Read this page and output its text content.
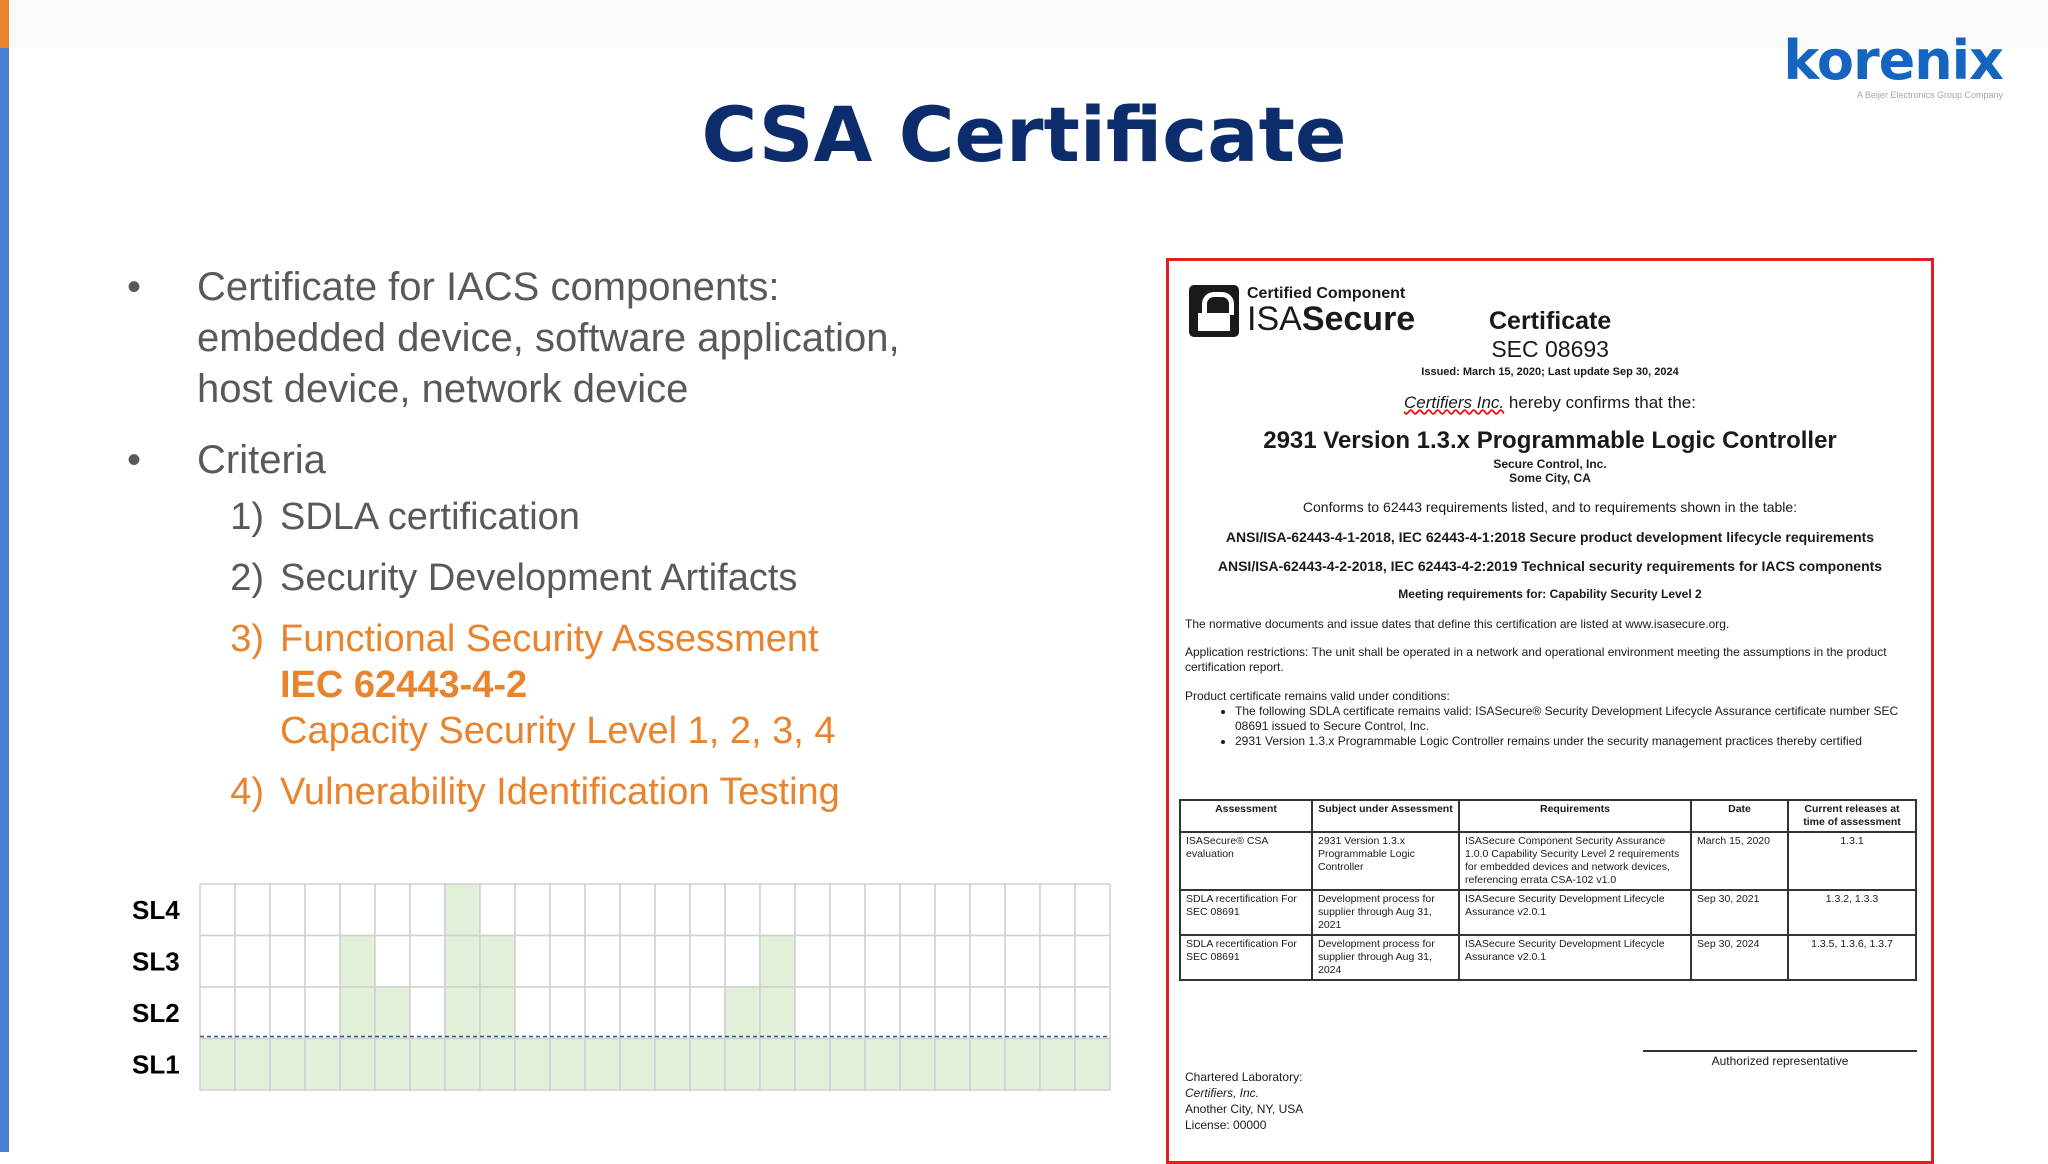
korenix
A Beijer Electronics Group Company
CSA Certificate
•	Certificate for IACS components: embedded device, software application, host device, network device
•	Criteria
1) SDLA certification
2) Security Development Artifacts
3) Functional Security Assessment
IEC 62443-4-2
Capacity Security Level 1, 2, 3, 4
4) Vulnerability Identification Testing
SL4
SL3
SL2
SL1
Certified Component
ISASecure	Certificate
SEC 08693
Issued: March 15, 2020; Last update Sep 30, 2024
Certifiers Inc. hereby confirms that the:
2931 Version 1.3.x Programmable Logic Controller
Secure Control, Inc.
Some City, CA
Conforms to 62443 requirements listed, and to requirements shown in the table:
ANSI/ISA-62443-4-1-2018, IEC 62443-4-1:2018 Secure product development lifecycle requirements
ANSI/ISA-62443-4-2-2018, IEC 62443-4-2:2019 Technical security requirements for IACS components
Meeting requirements for: Capability Security Level 2
The normative documents and issue dates that define this certification are listed at www.isasecure.org.
Application restrictions: The unit shall be operated in a network and operational environment meeting the assumptions in the product certification report.
Product certificate remains valid under conditions:
• The following SDLA certificate remains valid: ISASecure® Security Development Lifecycle Assurance certificate number SEC 08691 issued to Secure Control, Inc.
• 2931 Version 1.3.x Programmable Logic Controller remains under the security management practices thereby certified
Assessment	Subject under Assessment	Requirements	Date	Current releases at time of assessment
ISASecure® CSA evaluation	2931 Version 1.3.x Programmable Logic Controller	ISASecure Component Security Assurance 1.0.0 Capability Security Level 2 requirements for embedded devices and network devices, referencing errata CSA-102 v1.0	March 15, 2020	1.3.1
SDLA recertification For SEC 08691	Development process for supplier through Aug 31, 2021	ISASecure Security Development Lifecycle Assurance v2.0.1	Sep 30, 2021	1.3.2, 1.3.3
SDLA recertification For SEC 08691	Development process for supplier through Aug 31, 2024	ISASecure Security Development Lifecycle Assurance v2.0.1	Sep 30, 2024	1.3.5, 1.3.6, 1.3.7
Authorized representative
Chartered Laboratory:
Certifiers, Inc.
Another City, NY, USA
License: 00000
